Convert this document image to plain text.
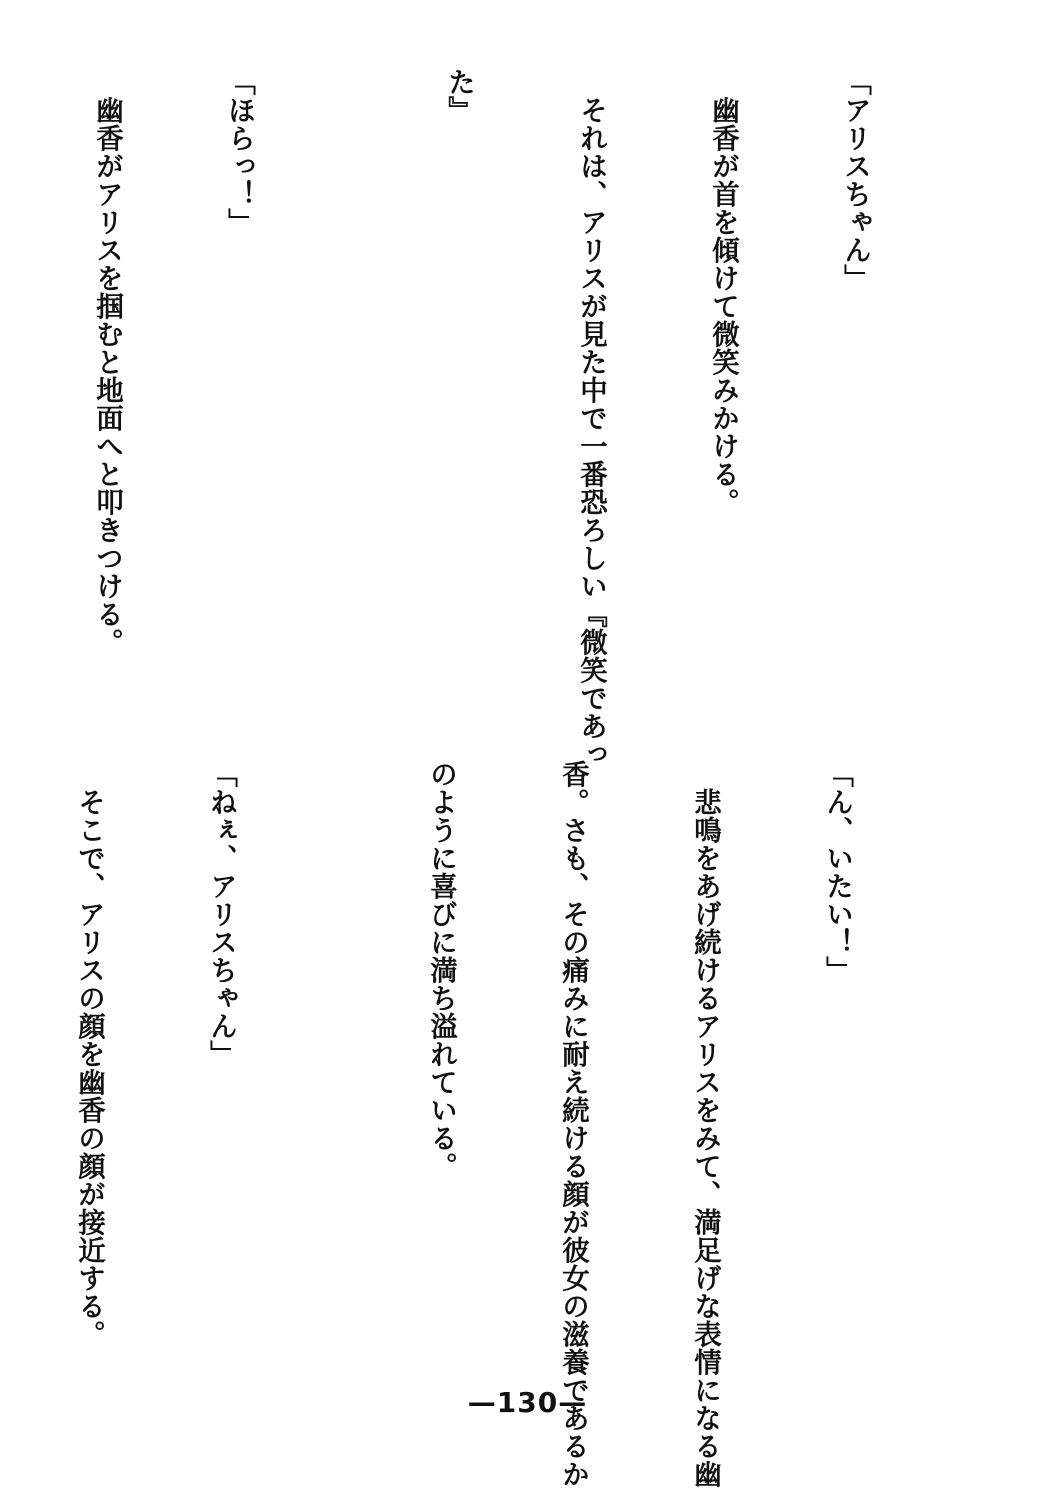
「アリスちゃん」

　幽香が首を傾けて微笑みかける。

　それは、アリスが見た中で一番恐ろしい『微笑であっ

た』

「ほらっ！」

　幽香がアリスを掴むと地面へと叩きつける。

「ん、いたい！」

　悲鳴をあげ続けるアリスをみて、満足げな表情になる幽

香。さも、その痛みに耐え続ける顔が彼女の滋養であるか

のように喜びに満ち溢れている。

「ねぇ、アリスちゃん」

　そこで、アリスの顔を幽香の顔が接近する。

—130—
